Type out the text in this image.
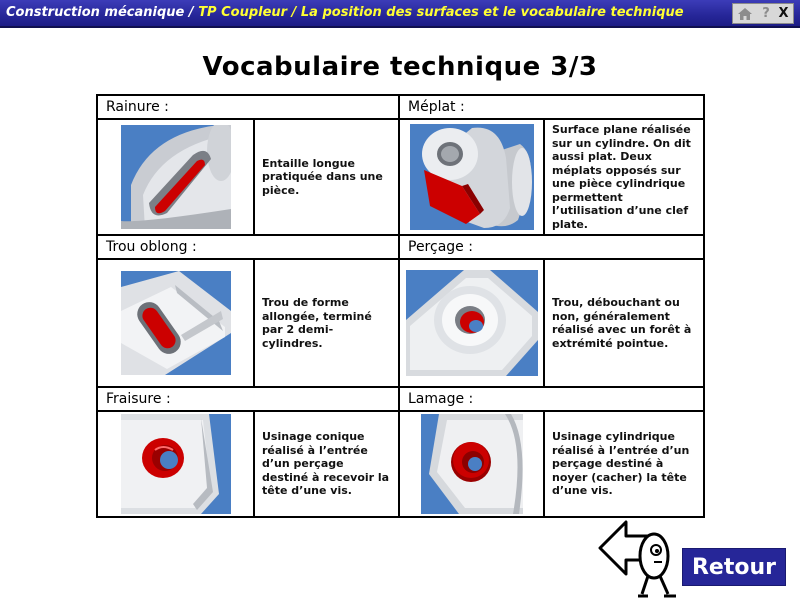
Construction mécanique / TP Coupleur / La position des surfaces et le vocabulaire technique	? X
Vocabulaire technique 3/3
Rainure :
Entaille longue pratiquée dans une pièce.
Trou oblong :
Trou de forme allongée, terminé par 2 demi-cylindres.
Fraisure :
Usinage conique réalisé à l’entrée d’un perçage destiné à recevoir la tête d’une vis.
Méplat :
Surface plane réalisée sur un cylindre. On dit aussi plat. Deux méplats opposés sur une pièce cylindrique permettent l’utilisation d’une clef plate.
Perçage :
Trou, débouchant ou non, généralement réalisé avec un forêt à extrémité pointue.
Lamage :
Usinage cylindrique réalisé à l’entrée d’un perçage destiné à noyer (cacher) la tête d’une vis.
Retour
